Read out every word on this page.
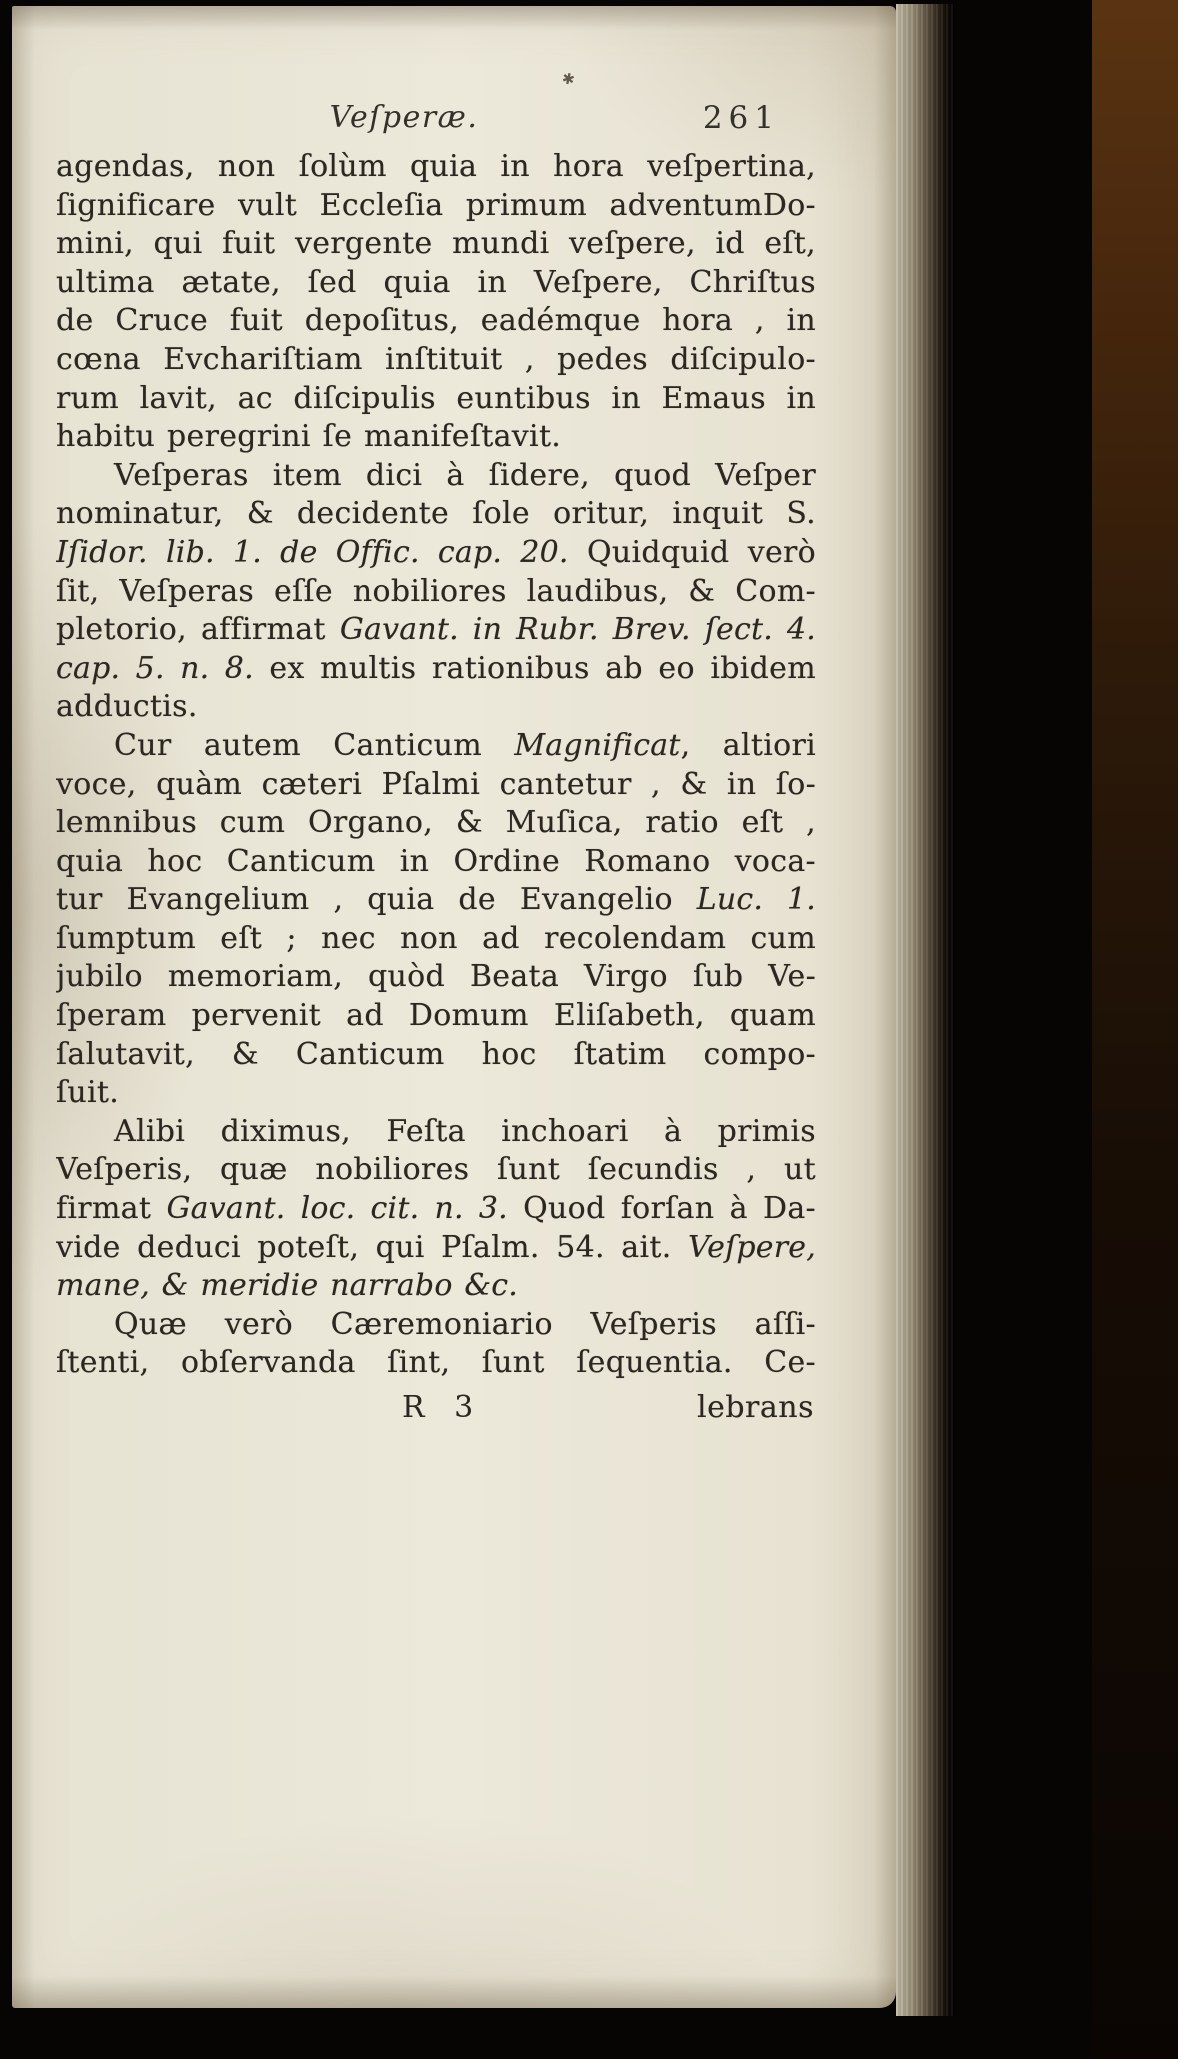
✱
Veſperæ.	261
agendas, non ſolùm quia in hora veſpertina,
ſignificare vult Eccleſia primum adventumDo-
mini, qui fuit vergente mundi veſpere, id eſt,
ultima ætate, ſed quia in Veſpere, Chriſtus
de Cruce fuit depoſitus, eadémque hora , in
cœna Evchariſtiam inſtituit , pedes diſcipulo-
rum lavit, ac diſcipulis euntibus in Emaus in
habitu peregrini ſe manifeſtavit.
Veſperas item dici à ſidere, quod Veſper
nominatur, & decidente ſole oritur, inquit S.
Iſidor. lib. 1. de Offic. cap. 20. Quidquid verò
ſit, Veſperas eſſe nobiliores laudibus, & Com-
pletorio, affirmat Gavant. in Rubr. Brev. ſect. 4.
cap. 5. n. 8. ex multis rationibus ab eo ibidem
adductis.
Cur autem Canticum Magnificat, altiori
voce, quàm cæteri Pſalmi cantetur , & in ſo-
lemnibus cum Organo, & Muſica, ratio eſt ,
quia hoc Canticum in Ordine Romano voca-
tur Evangelium , quia de Evangelio Luc. 1.
ſumptum eſt ; nec non ad recolendam cum
jubilo memoriam, quòd Beata Virgo ſub Ve-
ſperam pervenit ad Domum Eliſabeth, quam
ſalutavit, & Canticum hoc ſtatim compo-
ſuit.
Alibi diximus, Feſta inchoari à primis
Veſperis, quæ nobiliores ſunt ſecundis , ut
firmat Gavant. loc. cit. n. 3. Quod forſan à Da-
vide deduci poteſt, qui Pſalm. 54. ait. Veſpere,
mane, & meridie narrabo &c.
Quæ verò Cæremoniario Veſperis aſſi-
ſtenti, obſervanda ſint, ſunt ſequentia. Ce-
R 3	lebrans
